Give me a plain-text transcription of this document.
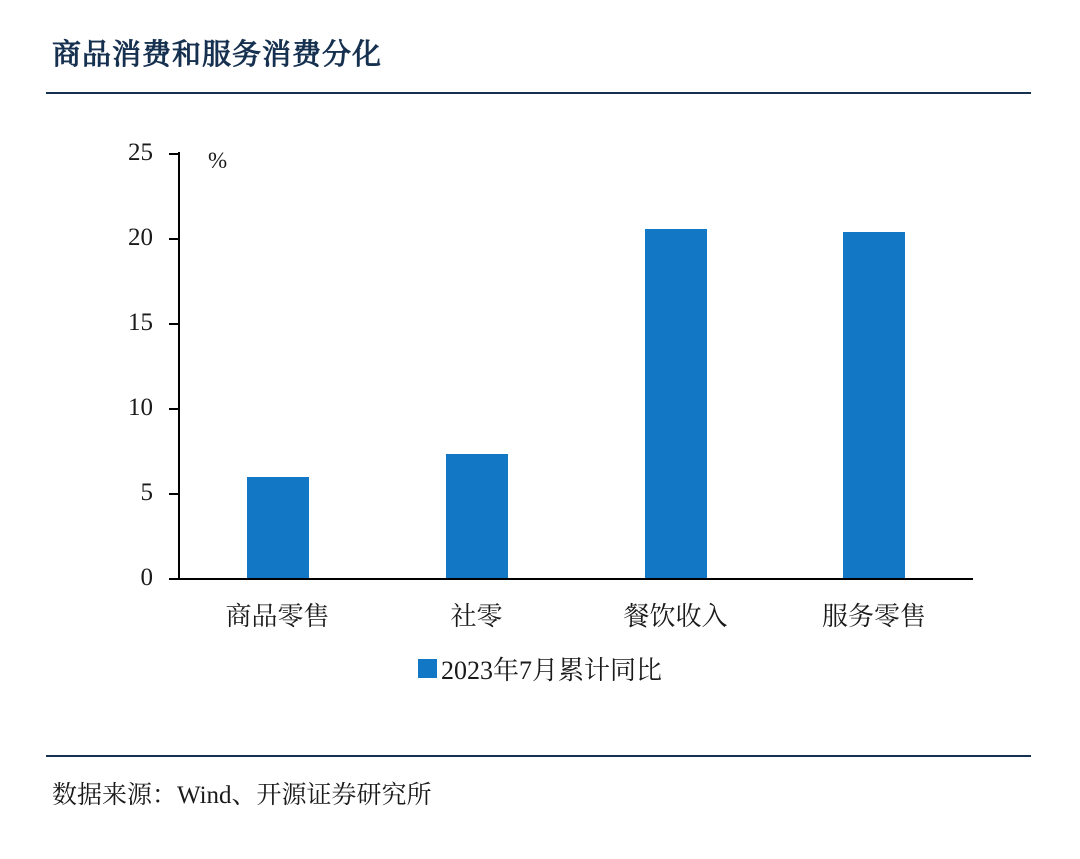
商品消费和服务消费分化
%
0
5
10
15
20
25
商品零售	社零	餐饮收入	服务零售
2023年7月累计同比
数据来源：Wind、开源证券研究所
